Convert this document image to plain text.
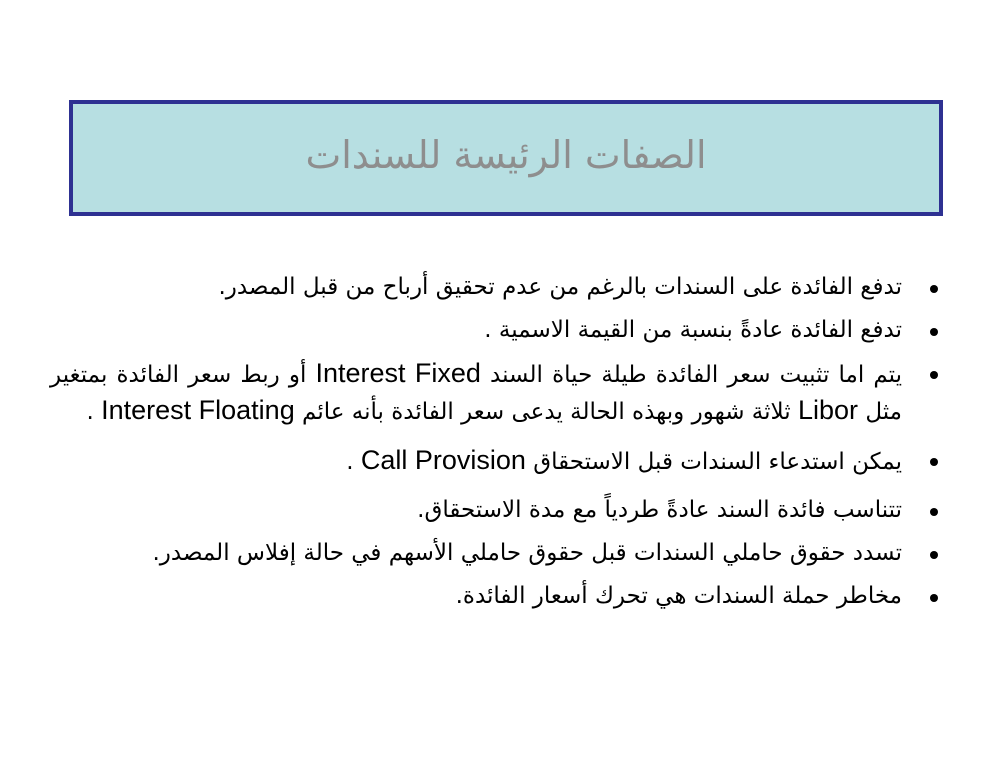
الصفات الرئيسة للسندات
تدفع الفائدة على السندات بالرغم من عدم تحقيق أرباح من قبل المصدر.
تدفع الفائدة عادةً بنسبة من القيمة الاسمية .
يتم اما تثبيت سعر الفائدة طيلة حياة السند Interest Fixed أو ربط سعر الفائدة بمتغير مثل Libor ثلاثة شهور وبهذه الحالة يدعى سعر الفائدة بأنه عائم Interest Floating .
يمكن استدعاء السندات قبل الاستحقاق Call Provision .
تتناسب فائدة السند عادةً طردياً مع مدة الاستحقاق.
تسدد حقوق حاملي السندات قبل حقوق حاملي الأسهم في حالة إفلاس المصدر.
مخاطر حملة السندات هي تحرك أسعار الفائدة.
